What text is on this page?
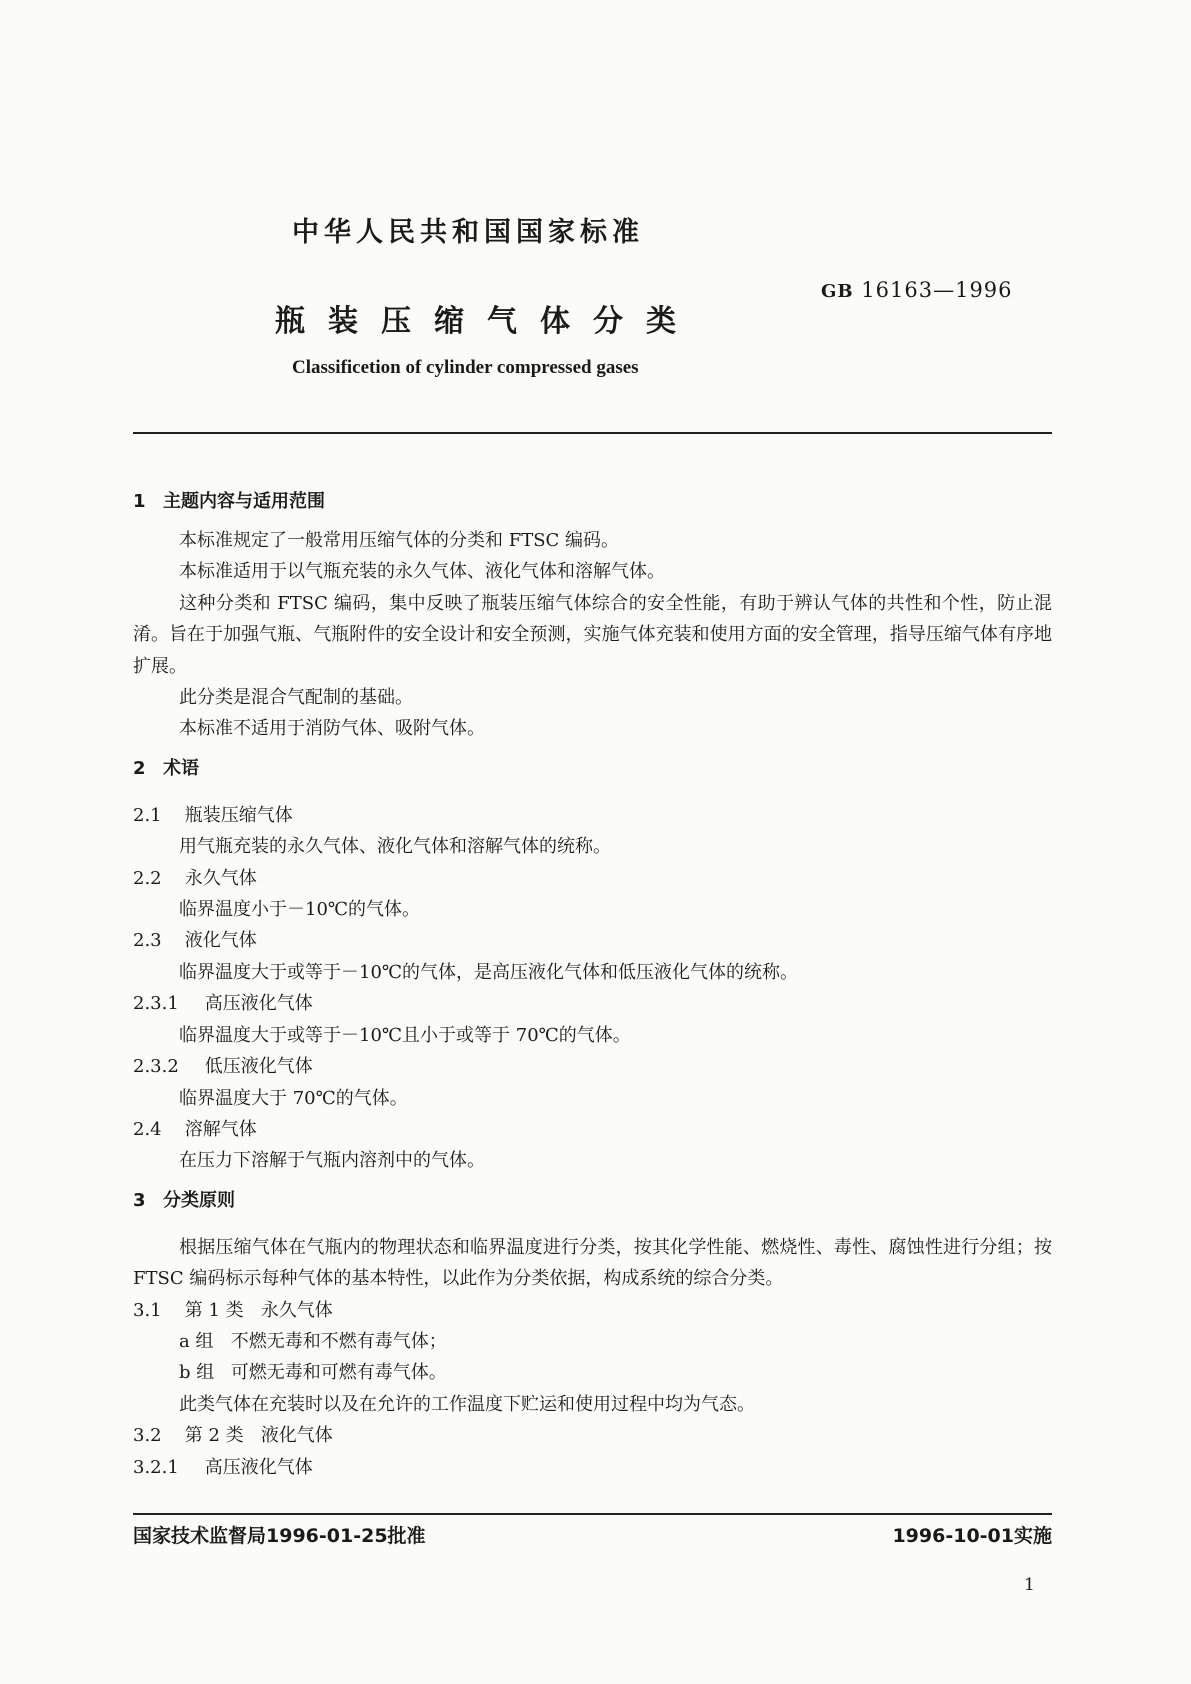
中华人民共和国国家标准
GB 16163—1996
瓶装压缩气体分类
Classificetion of cylinder compressed gases

1 主题内容与适用范围

本标准规定了一般常用压缩气体的分类和 FTSC 编码。

本标准适用于以气瓶充装的永久气体、液化气体和溶解气体。

这种分类和 FTSC 编码，集中反映了瓶装压缩气体综合的安全性能，有助于辨认气体的共性和个性，防止混淆。旨在于加强气瓶、气瓶附件的安全设计和安全预测，实施气体充装和使用方面的安全管理，指导压缩气体有序地扩展。

此分类是混合气配制的基础。

本标准不适用于消防气体、吸附气体。

2 术语

2.1 瓶装压缩气体

用气瓶充装的永久气体、液化气体和溶解气体的统称。

2.2 永久气体

临界温度小于－10℃的气体。

2.3 液化气体

临界温度大于或等于－10℃的气体，是高压液化气体和低压液化气体的统称。

2.3.1 高压液化气体

临界温度大于或等于－10℃且小于或等于 70℃的气体。

2.3.2 低压液化气体

临界温度大于 70℃的气体。

2.4 溶解气体

在压力下溶解于气瓶内溶剂中的气体。

3 分类原则

根据压缩气体在气瓶内的物理状态和临界温度进行分类，按其化学性能、燃烧性、毒性、腐蚀性进行分组；按 FTSC 编码标示每种气体的基本特性，以此作为分类依据，构成系统的综合分类。

3.1 第 1 类 永久气体

a 组 不燃无毒和不燃有毒气体；

b 组 可燃无毒和可燃有毒气体。

此类气体在充装时以及在允许的工作温度下贮运和使用过程中均为气态。

3.2 第 2 类 液化气体

3.2.1 高压液化气体

国家技术监督局1996-01-25批准	1996-10-01实施
1
